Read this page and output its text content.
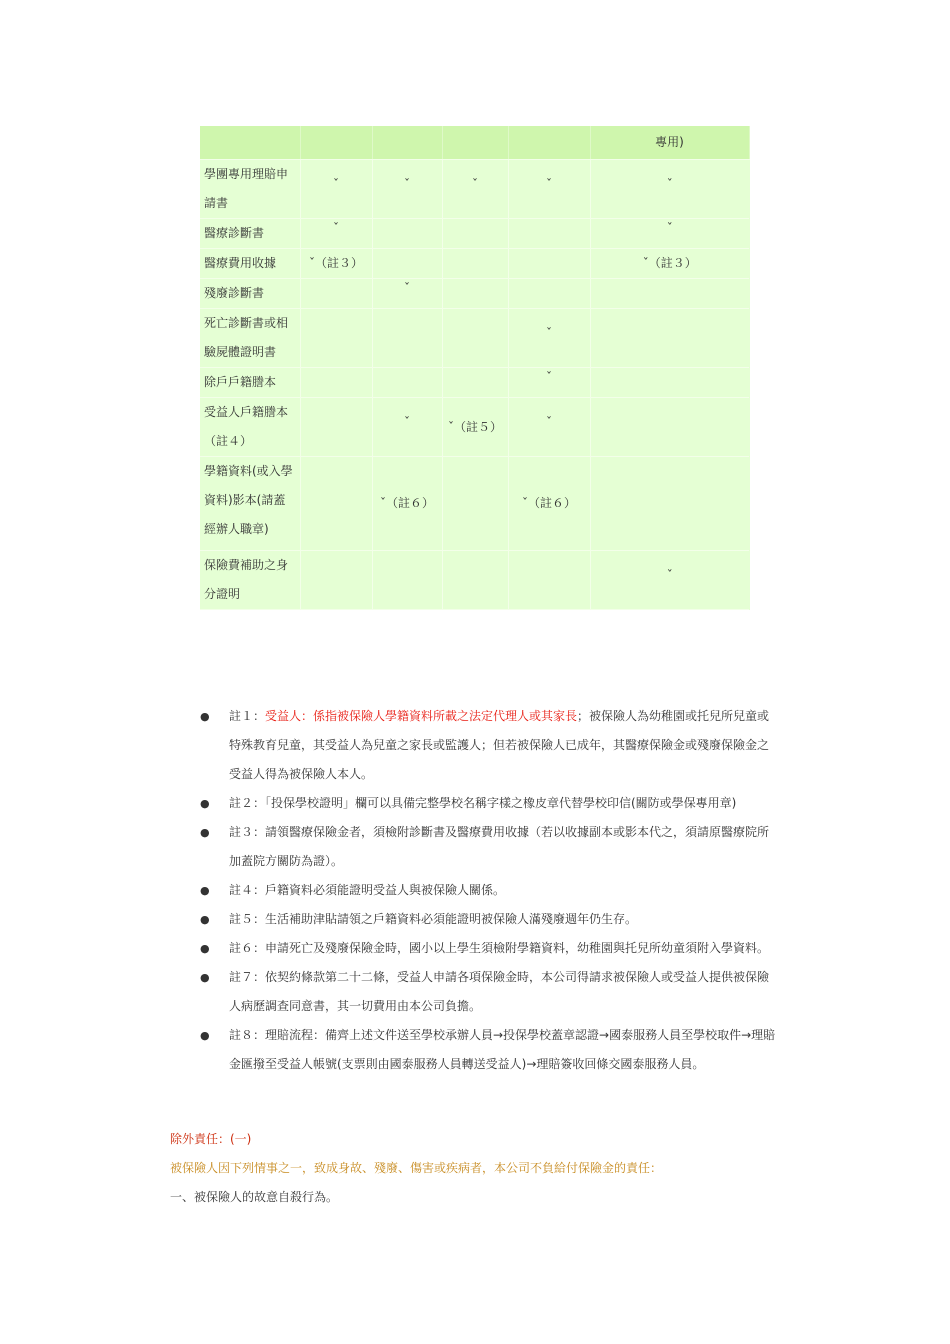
					專用)
學團專用理賠申請書	ˇ	ˇ	ˇ	ˇ	ˇ
醫療診斷書	ˇ				ˇ
醫療費用收據	ˇ（註３）				ˇ（註３）
殘廢診斷書		ˇ			
死亡診斷書或相驗屍體證明書				ˇ	
除戶戶籍謄本				ˇ	
受益人戶籍謄本（註４）		ˇ	ˇ（註５）	ˇ	
學籍資料(或入學資料)影本(請蓋經辦人職章)		ˇ（註６）		ˇ（註６）	
保險費補助之身分證明					ˇ
● 註１：受益人：係指被保險人學籍資料所載之法定代理人或其家長；被保險人為幼稚園或托兒所兒童或特殊教育兒童，其受益人為兒童之家長或監護人；但若被保險人已成年，其醫療保險金或殘廢保險金之受益人得為被保險人本人。
● 註２：「投保學校證明」欄可以具備完整學校名稱字樣之橡皮章代替學校印信(關防或學保專用章)
● 註３：請領醫療保險金者，須檢附診斷書及醫療費用收據（若以收據副本或影本代之，須請原醫療院所加蓋院方關防為證）。
● 註４：戶籍資料必須能證明受益人與被保險人關係。
● 註５：生活補助津貼請領之戶籍資料必須能證明被保險人滿殘廢週年仍生存。
● 註６：申請死亡及殘廢保險金時，國小以上學生須檢附學籍資料，幼稚園與托兒所幼童須附入學資料。
● 註７：依契約條款第二十二條，受益人申請各項保險金時，本公司得請求被保險人或受益人提供被保險人病歷調查同意書，其一切費用由本公司負擔。
● 註８：理賠流程：備齊上述文件送至學校承辦人員→投保學校蓋章認證→國泰服務人員至學校取件→理賠金匯撥至受益人帳號(支票則由國泰服務人員轉送受益人)→理賠簽收回條交國泰服務人員。

除外責任：(一)

被保險人因下列情事之一，致成身故、殘廢、傷害或疾病者，本公司不負給付保險金的責任：

一、被保險人的故意自殺行為。
